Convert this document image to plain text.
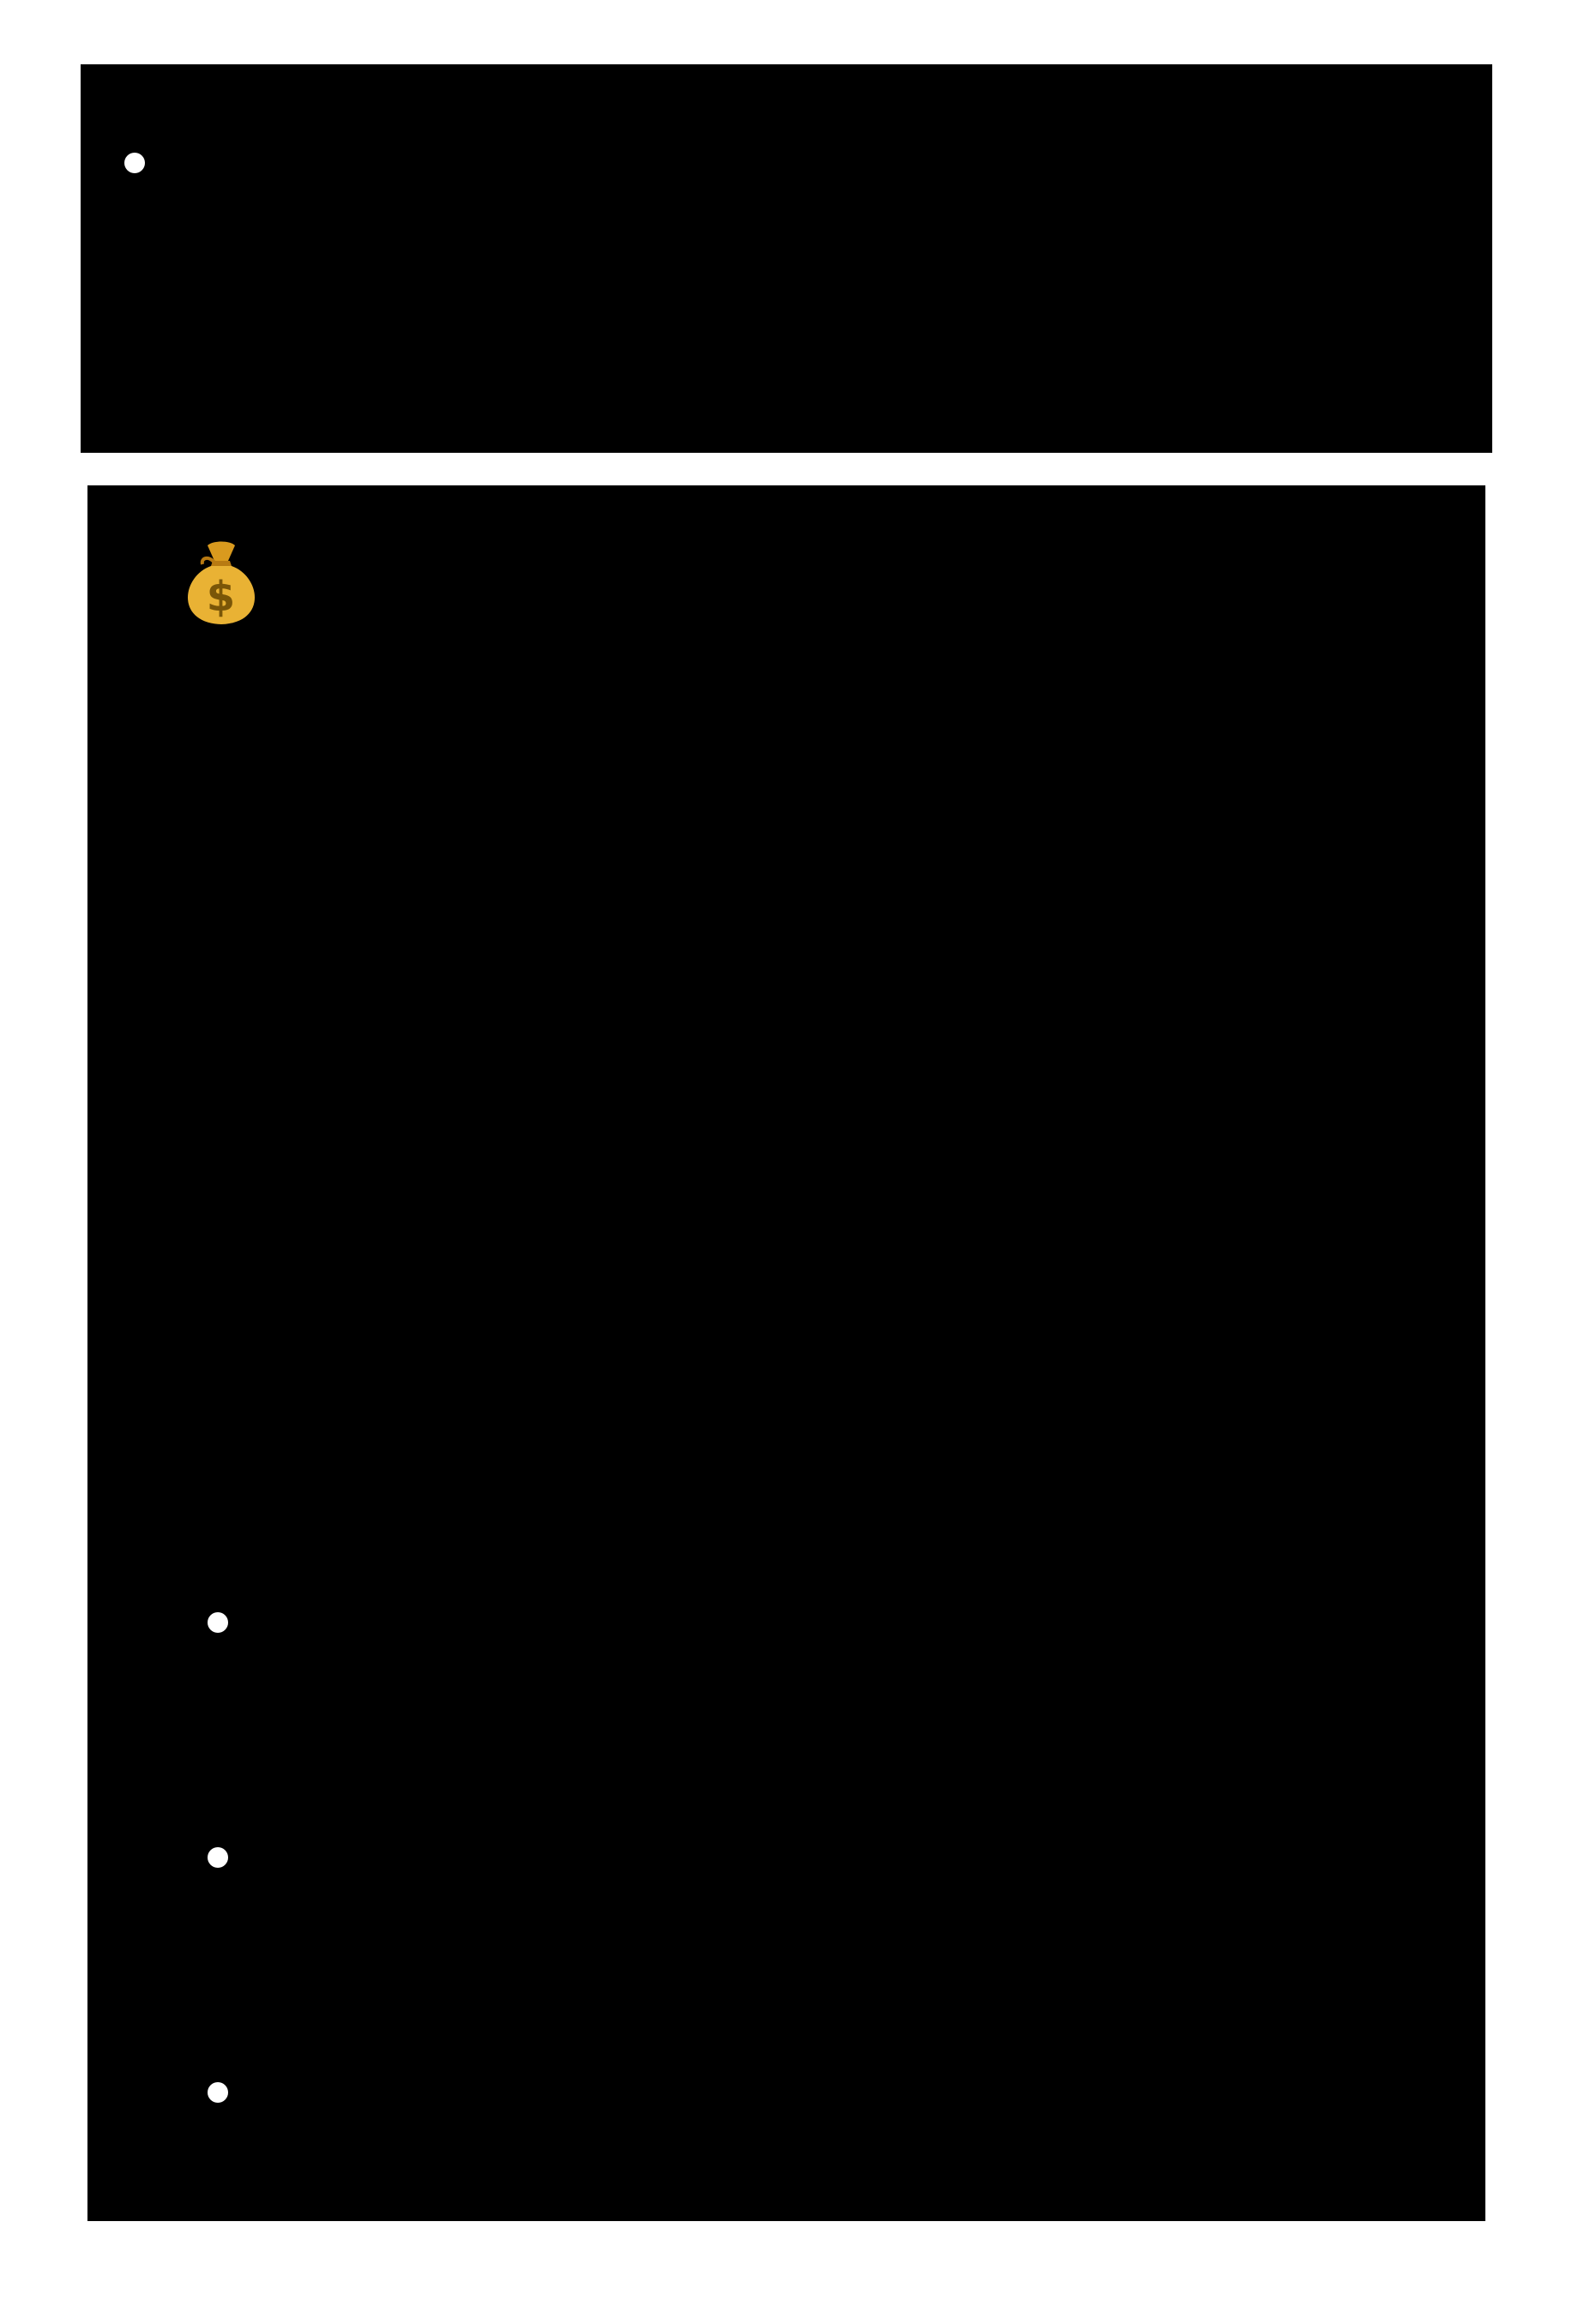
Od 2013 do 2019 liczba rozwodów utrzymywała się na poziomie około 62–65 tys/rok.
$ 2. Kwoty związane z podziałem majątku
Brak oficjalnych danych zbiorczych

Nie istnieją w Polsce żadne zestawienia instytucjonalne pokazujące łączną wartość środków przetransferowanych między stronami rozwodu. Brakuje danych:

o przeciętnych kwotach z tytułu podziału majątku
o wartościach orzeczeń sądowych dotyczących rozdzielności majątkowej
o medianach/przeciętnych sum
